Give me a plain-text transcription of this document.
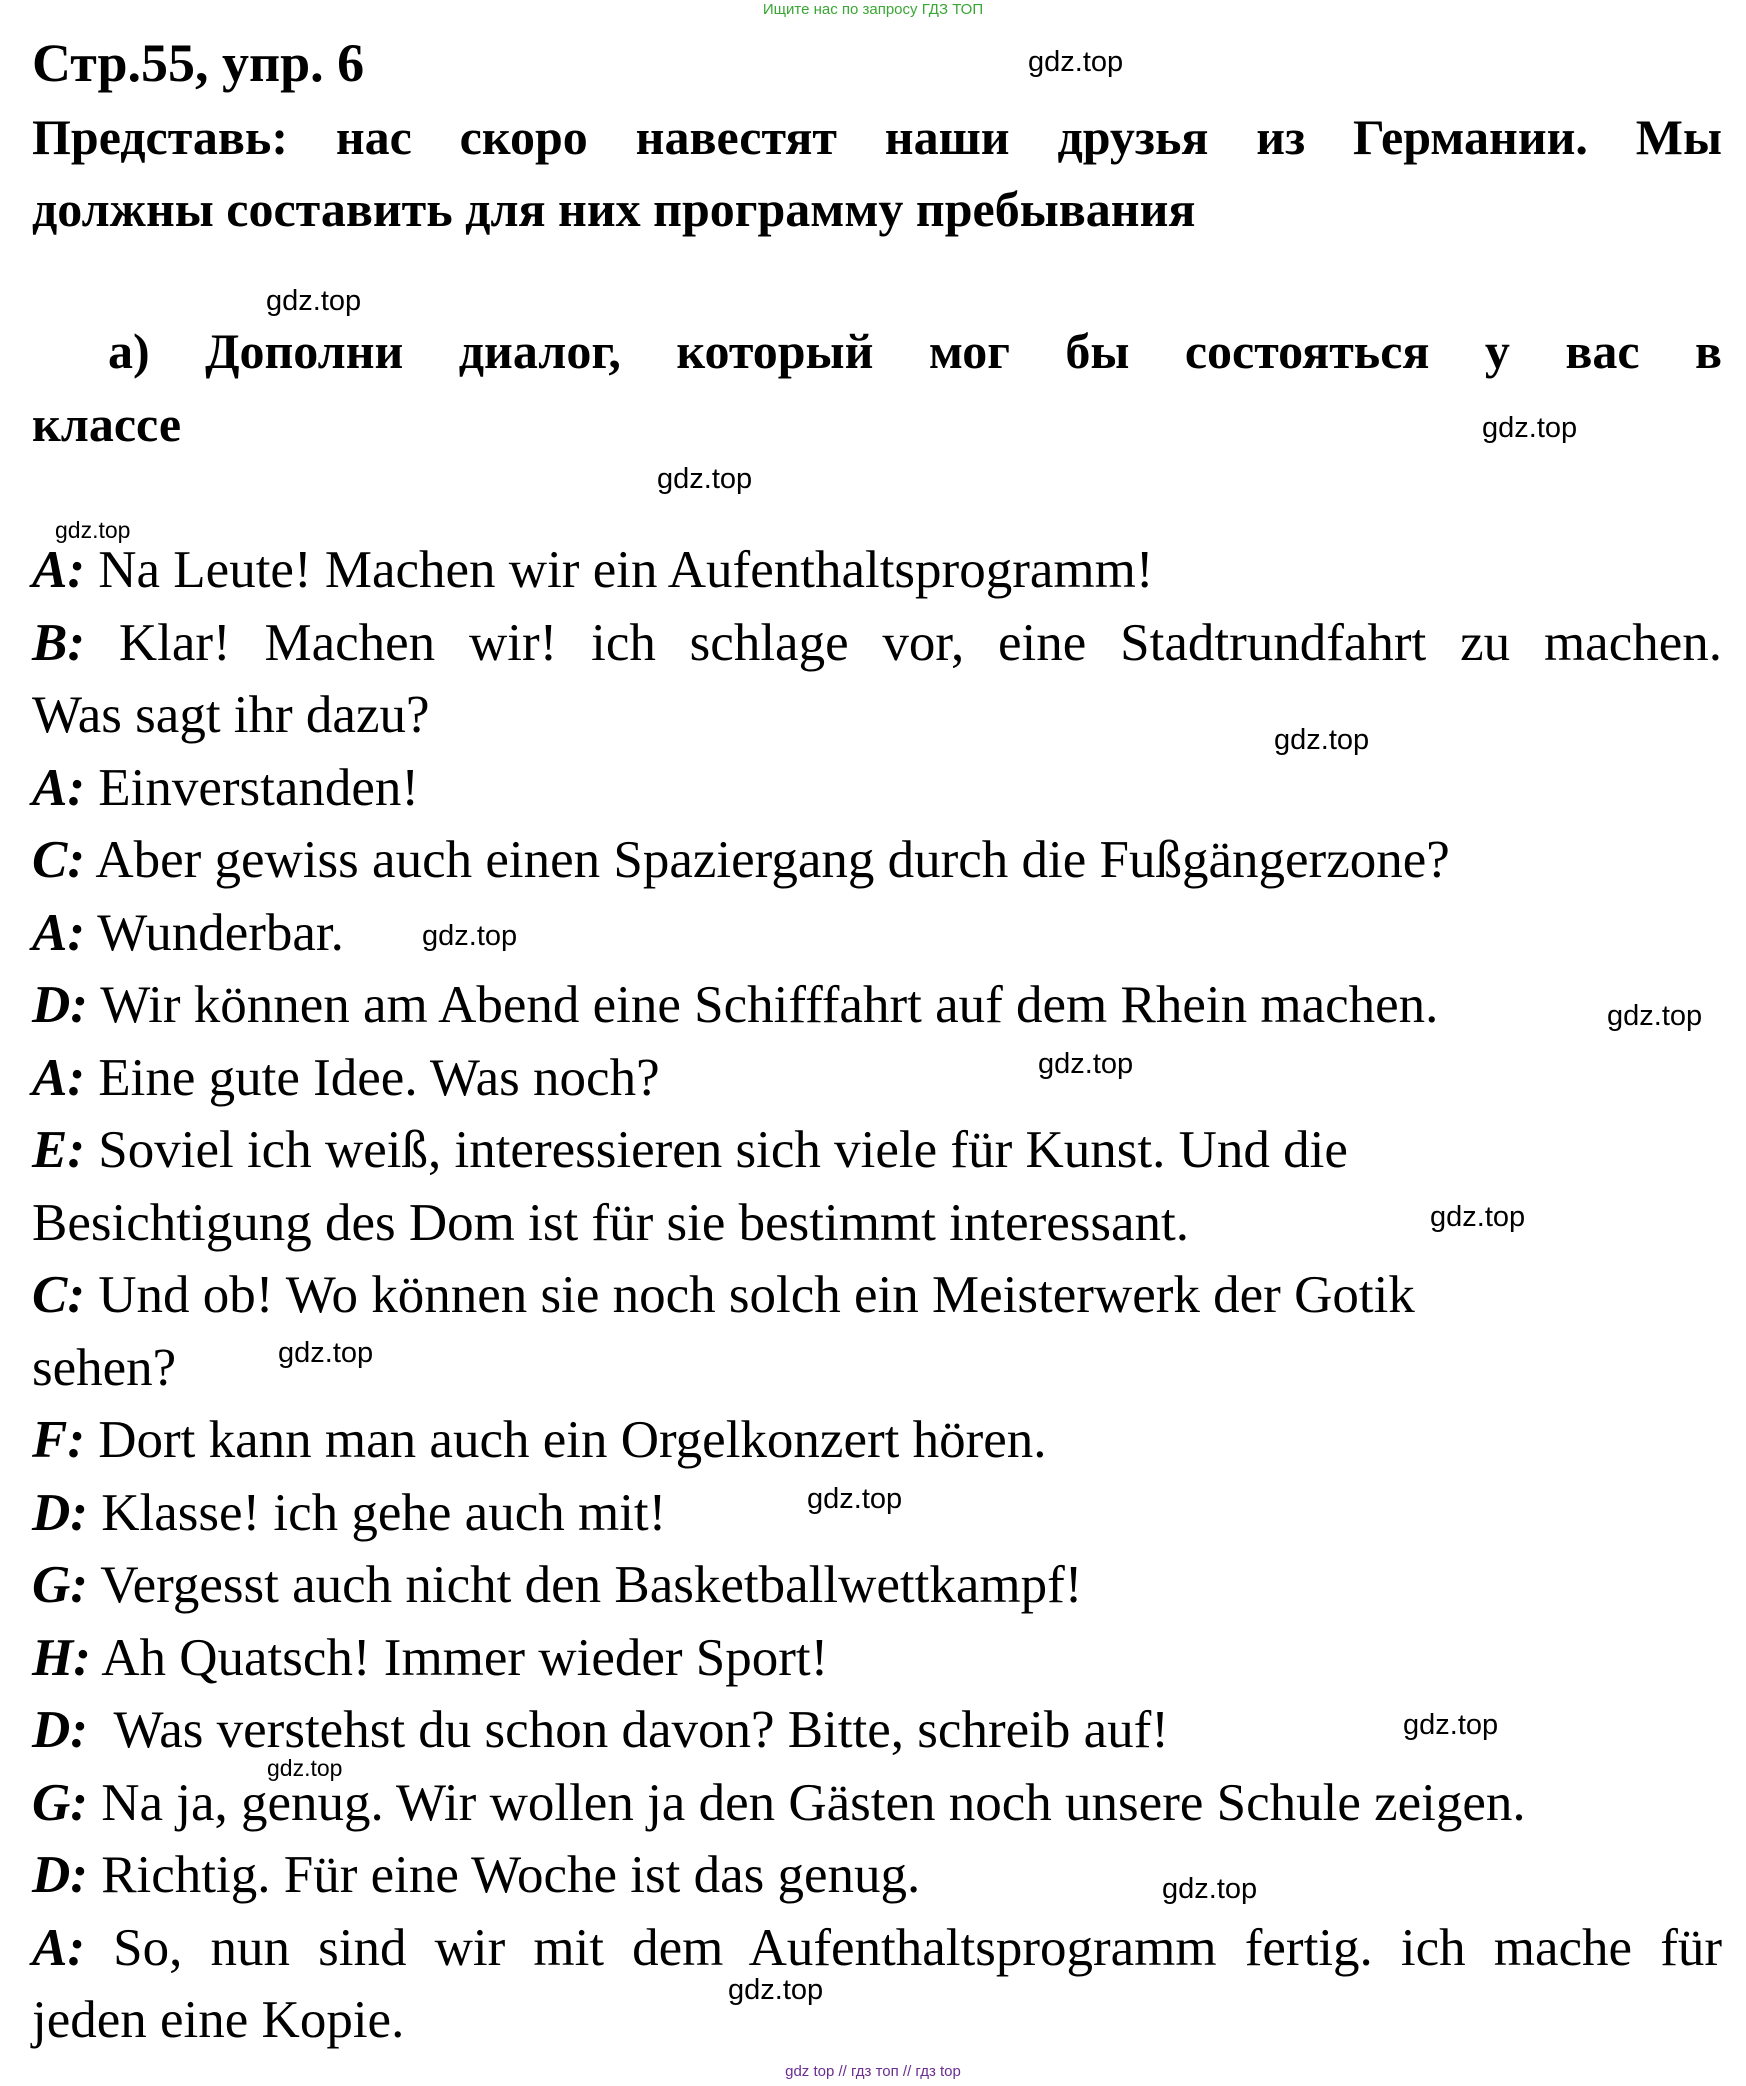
Ищите нас по запросу ГДЗ ТОП
Стр.55, упр. 6
Представь: нас скоро навестят наши друзья из Германии. Мы
должны составить для них программу пребывания
а) Дополни диалог, который мог бы состояться у вас в
классе
gdz.top
gdz.top
gdz.top
gdz.top
gdz.top
gdz.top
gdz.top
gdz.top
gdz.top
gdz.top
gdz.top
gdz.top
gdz.top
gdz.top
gdz.top
gdz.top
A: Na Leute! Machen wir ein Aufenthaltsprogramm!
B: Klar! Machen wir! ich schlage vor, eine Stadtrundfahrt zu machen.
Was sagt ihr dazu?
A: Einverstanden!
C: Aber gewiss auch einen Spaziergang durch die Fußgängerzone?
A: Wunderbar.
D: Wir können am Abend eine Schifffahrt auf dem Rhein machen.
A: Eine gute Idee. Was noch?
E: Soviel ich weiß, interessieren sich viele für Kunst. Und die
Besichtigung des Dom ist für sie bestimmt interessant.
C: Und ob! Wo können sie noch solch ein Meisterwerk der Gotik
sehen?
F: Dort kann man auch ein Orgelkonzert hören.
D: Klasse! ich gehe auch mit!
G: Vergesst auch nicht den Basketballwettkampf!
H: Ah Quatsch! Immer wieder Sport!
D:  Was verstehst du schon davon? Bitte, schreib auf!
G: Na ja, genug. Wir wollen ja den Gästen noch unsere Schule zeigen.
D: Richtig. Für eine Woche ist das genug.
A: So, nun sind wir mit dem Aufenthaltsprogramm fertig. ich mache für
jeden eine Kopie.
gdz top // гдз топ // гдз top
